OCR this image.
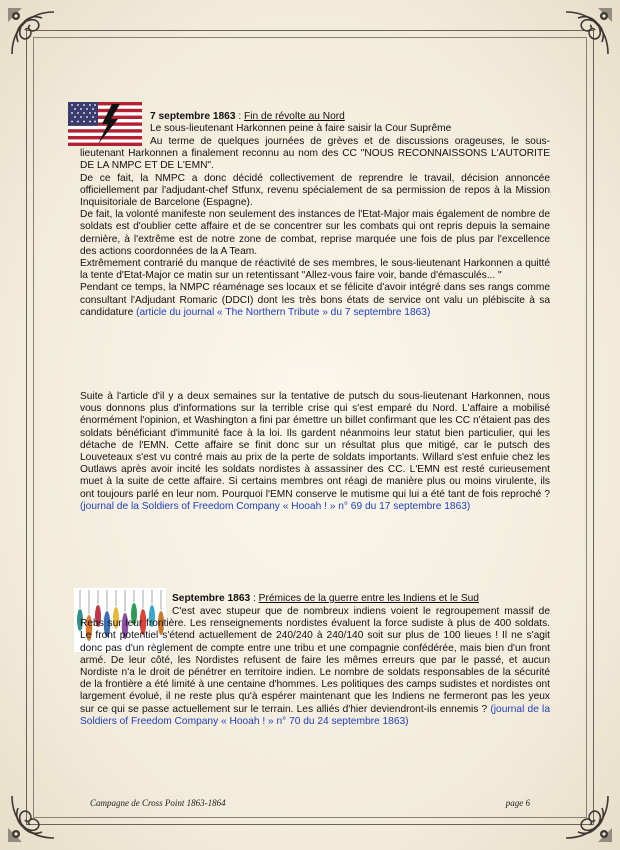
7 septembre 1863 : Fin de révolte au Nord
Le sous-lieutenant Harkonnen peine à faire saisir la Cour Suprême
Au terme de quelques journées de grèves et de discussions orageuses, le sous-lieutenant Harkonnen a finalement reconnu au nom des CC "NOUS RECONNAISSONS L'AUTORITE DE LA NMPC ET DE L'EMN".
De ce fait, la NMPC a donc décidé collectivement de reprendre le travail, décision annoncée officiellement par l'adjudant-chef Stfunx, revenu spécialement de sa permission de repos à la Mission Inquisitoriale de Barcelone (Espagne).
De fait, la volonté manifeste non seulement des instances de l'Etat-Major mais également de nombre de soldats est d'oublier cette affaire et de se concentrer sur les combats qui ont repris depuis la semaine dernière, à l'extrême est de notre zone de combat, reprise marquée une fois de plus par l'excellence des actions coordonnées de la A Team.
Extrêmement contrarié du manque de réactivité de ses membres, le sous-lieutenant Harkonnen a quitté la tente d'Etat-Major ce matin sur un retentissant "Allez-vous faire voir, bande d'émasculés... "
Pendant ce temps, la NMPC réaménage ses locaux et se félicite d'avoir intégré dans ses rangs comme consultant l'Adjudant Romaric (DDCI) dont les très bons états de service ont valu un plébiscite à sa candidature (article du journal « The Northern Tribute » du 7 septembre 1863)
Suite à l'article d'il y a deux semaines sur la tentative de putsch du sous-lieutenant Harkonnen, nous vous donnons plus d'informations sur la terrible crise qui s'est emparé du Nord. L'affaire a mobilisé énormément l'opinion, et Washington a fini par émettre un billet confirmant que les CC n'étaient pas des soldats bénéficiant d'immunité face à la loi. Ils gardent néanmoins leur statut bien particulier, qui les détache de l'EMN. Cette affaire se finit donc sur un résultat plus que mitigé, car le putsch des Louveteaux s'est vu contré mais au prix de la perte de soldats importants. Willard s'est enfuie chez les Outlaws après avoir incité les soldats nordistes à assassiner des CC. L'EMN est resté curieusement muet à la suite de cette affaire. Si certains membres ont réagi de manière plus ou moins virulente, ils ont toujours parlé en leur nom. Pourquoi l'EMN conserve le mutisme qui lui a été tant de fois reproché ? (journal de la Soldiers of Freedom Company « Hooah ! » n° 69 du 17 septembre 1863)
Septembre 1863 : Prémices de la guerre entre les Indiens et le Sud
C'est avec stupeur que de nombreux indiens voient le regroupement massif de Rebs sur leur frontière. Les renseignements nordistes évaluent la force sudiste à plus de 400 soldats. Le front potentiel s'étend actuellement de 240/240 à 240/140 soit sur plus de 100 lieues ! Il ne s'agit donc pas d'un règlement de compte entre une tribu et une compagnie confédérée, mais bien d'un front armé. De leur côté, les Nordistes refusent de faire les mêmes erreurs que par le passé, et aucun Nordiste n'a le droit de pénétrer en territoire indien. Le nombre de soldats responsables de la sécurité de la frontière a été limité à une centaine d'hommes. Les politiques des camps sudistes et nordistes ont largement évolué, il ne reste plus qu'à espérer maintenant que les Indiens ne fermeront pas les yeux sur ce qui se passe actuellement sur le terrain. Les alliés d'hier deviendront-ils ennemis ? (journal de la Soldiers of Freedom Company « Hooah ! » n° 70 du 24 septembre 1863)
Campagne de Cross Point 1863-1864	page 6
